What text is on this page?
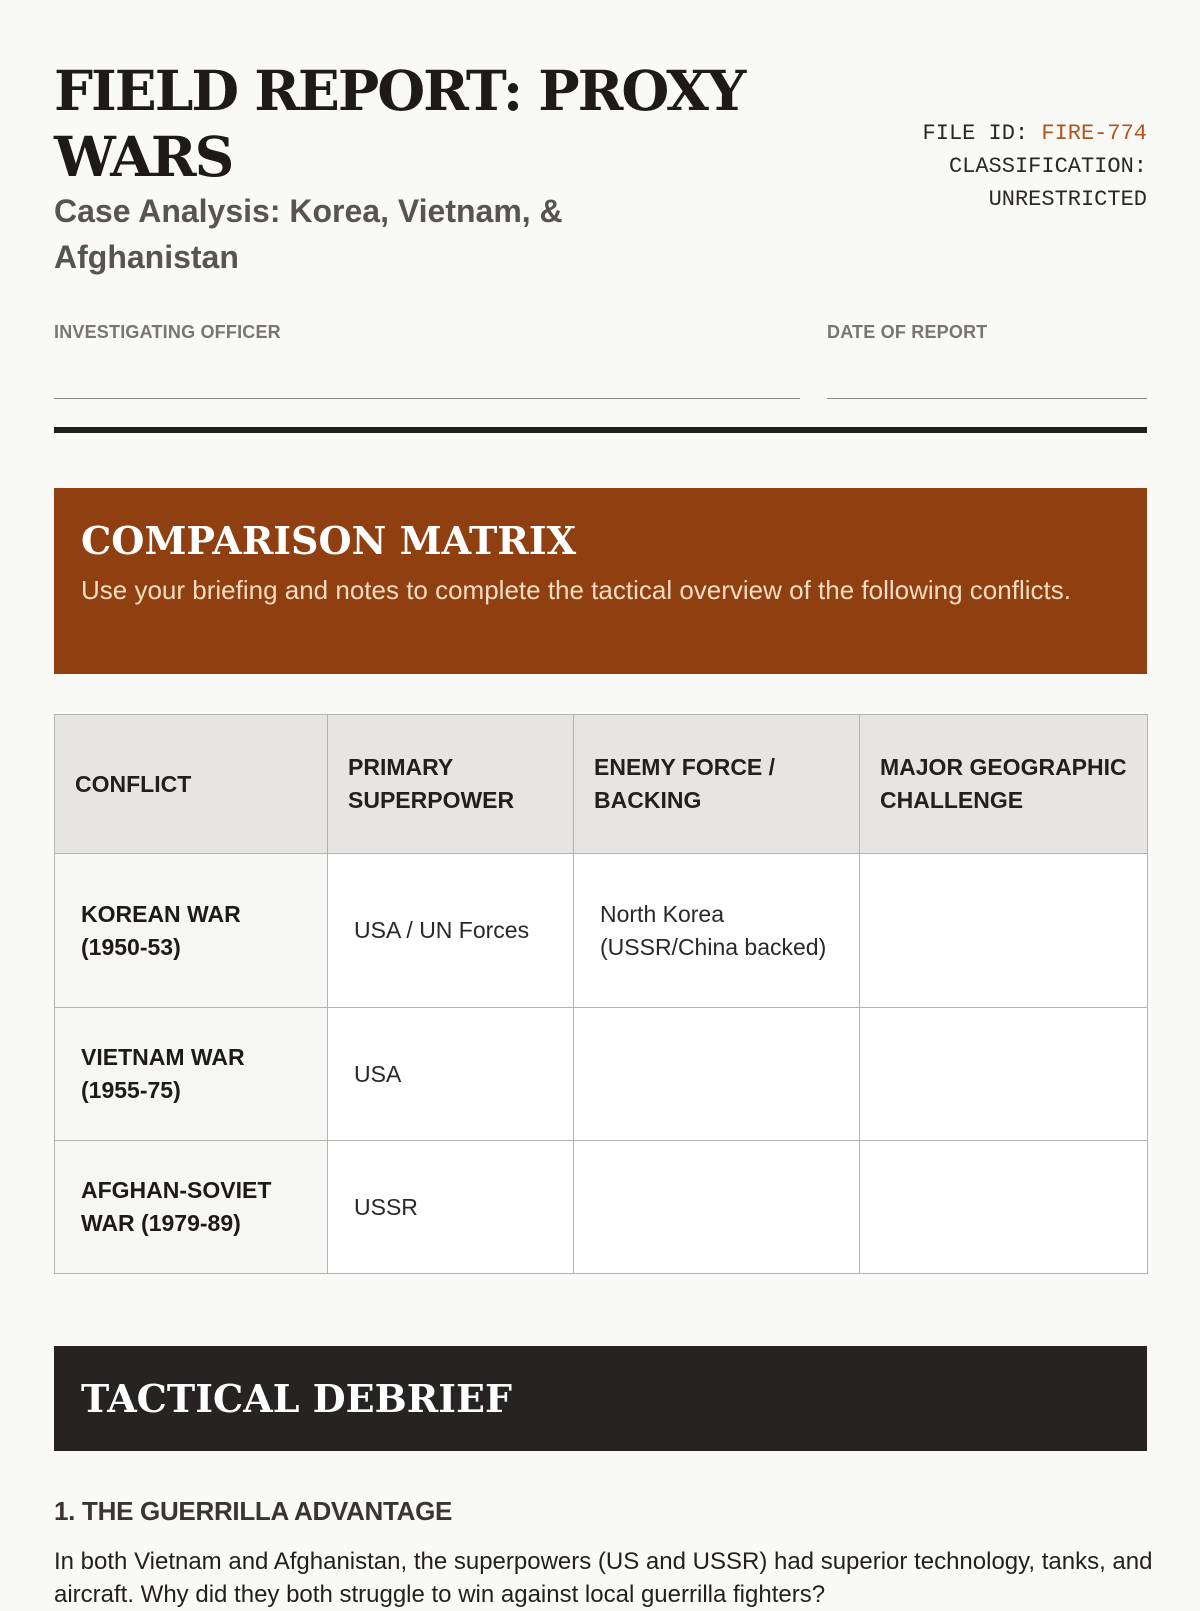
FIELD REPORT: PROXY WARS
Case Analysis: Korea, Vietnam, & Afghanistan
FILE ID: FIRE-774
CLASSIFICATION:
UNRESTRICTED
INVESTIGATING OFFICER	DATE OF REPORT
COMPARISON MATRIX

Use your briefing and notes to complete the tactical overview of the following conflicts.

CONFLICT	PRIMARY SUPERPOWER	ENEMY FORCE / BACKING	MAJOR GEOGRAPHIC CHALLENGE
KOREAN WAR (1950-53)	USA / UN Forces	North Korea (USSR/China backed)	
VIETNAM WAR (1955-75)	USA		
AFGHAN-SOVIET WAR (1979-89)	USSR		
TACTICAL DEBRIEF
1. THE GUERRILLA ADVANTAGE

In both Vietnam and Afghanistan, the superpowers (US and USSR) had superior technology, tanks, and aircraft. Why did they both struggle to win against local guerrilla fighters?
